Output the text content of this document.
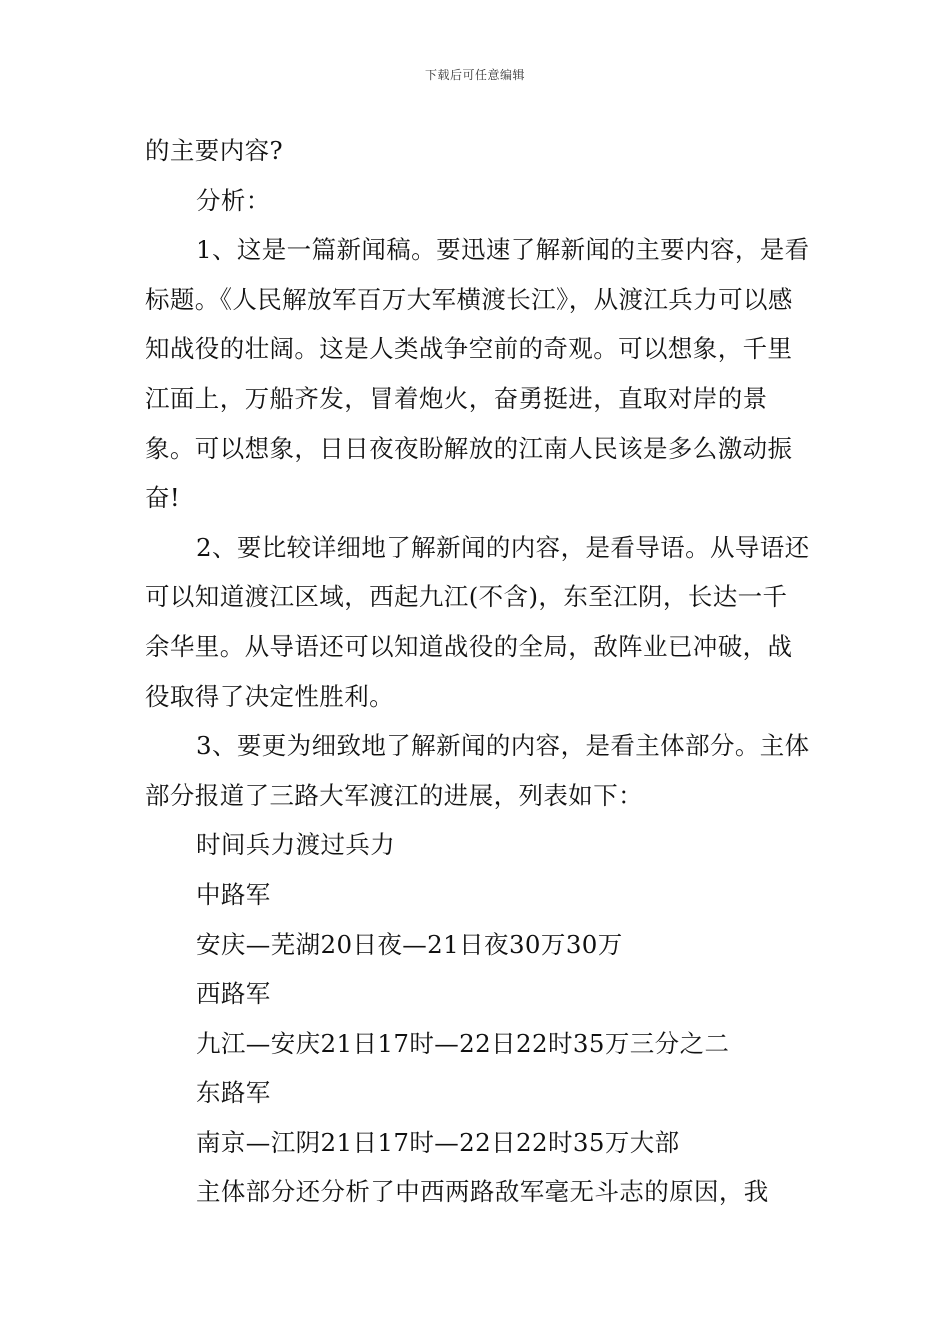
下载后可任意编辑

的主要内容?

分析：

1、这是一篇新闻稿。要迅速了解新闻的主要内容，是看标题。《人民解放军百万大军横渡长江》，从渡江兵力可以感知战役的壮阔。这是人类战争空前的奇观。可以想象，千里江面上，万船齐发，冒着炮火，奋勇挺进，直取对岸的景象。可以想象，日日夜夜盼解放的江南人民该是多么激动振奋!

2、要比较详细地了解新闻的内容，是看导语。从导语还可以知道渡江区域，西起九江(不含)，东至江阴，长达一千余华里。从导语还可以知道战役的全局，敌阵业已冲破，战役取得了决定性胜利。

3、要更为细致地了解新闻的内容，是看主体部分。主体部分报道了三路大军渡江的进展，列表如下：

时间兵力渡过兵力

中路军

安庆—芜湖20日夜—21日夜30万30万

西路军

九江—安庆21日17时—22日22时35万三分之二

东路军

南京—江阴21日17时—22日22时35万大部

主体部分还分析了中西两路敌军毫无斗志的原因，我
